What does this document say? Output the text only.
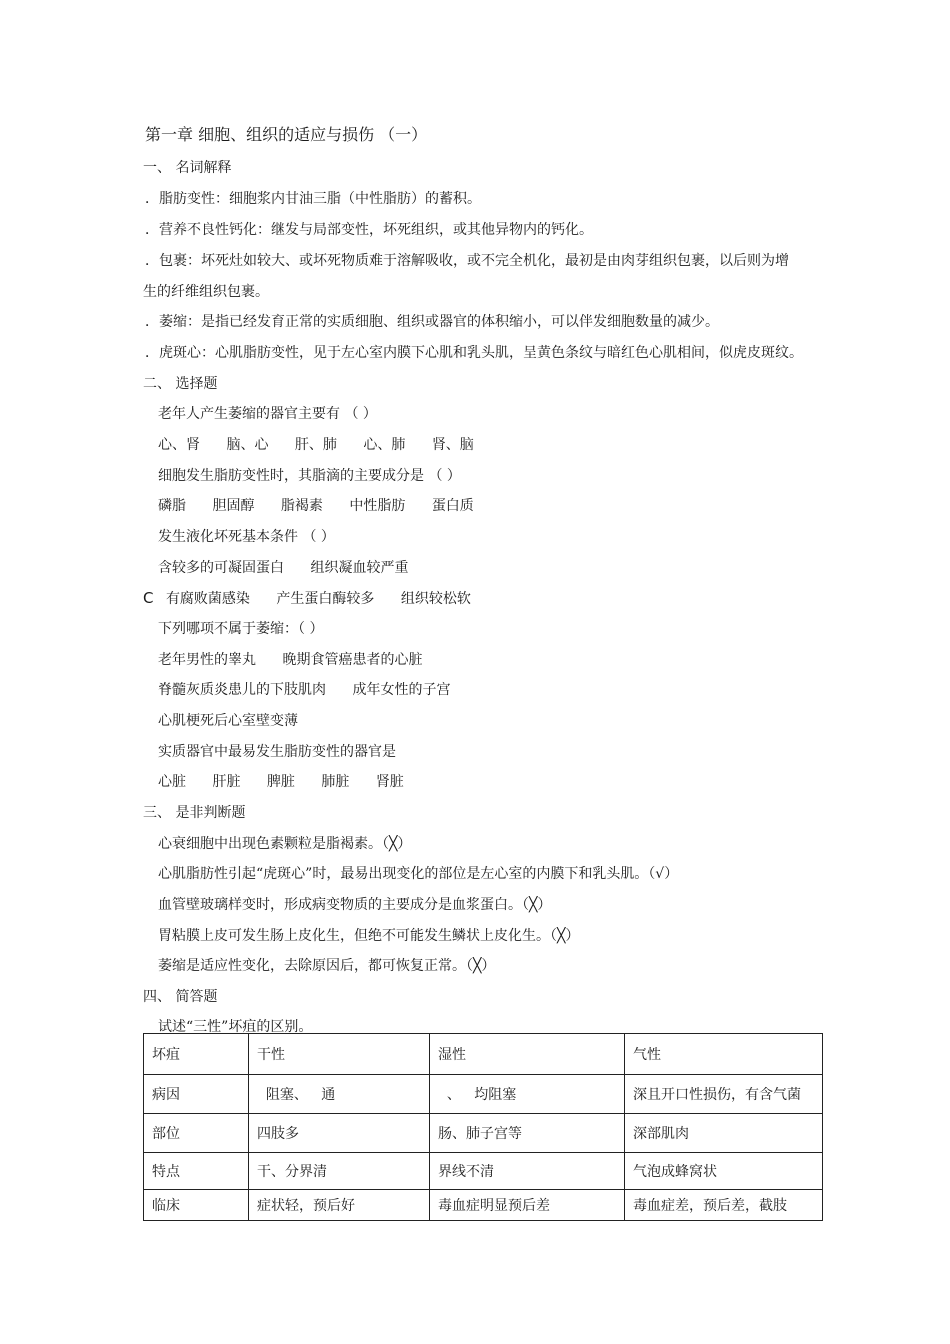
第一章 细胞、组织的适应与损伤 （一）
一、 名词解释
．脂肪变性：细胞浆内甘油三脂（中性脂肪）的蓄积。
．营养不良性钙化：继发与局部变性，坏死组织，或其他异物内的钙化。
．包裹：坏死灶如较大、或坏死物质难于溶解吸收，或不完全机化，最初是由肉芽组织包裹，以后则为增
生的纤维组织包裹。
．萎缩：是指已经发育正常的实质细胞、组织或器官的体积缩小，可以伴发细胞数量的减少。
．虎斑心：心肌脂肪变性，见于左心室内膜下心肌和乳头肌，呈黄色条纹与暗红色心肌相间，似虎皮斑纹。
二、 选择题
老年人产生萎缩的器官主要有 （ ）
心、肾 脑、心 肝、肺 心、肺 肾、脑
细胞发生脂肪变性时，其脂滴的主要成分是 （ ）
磷脂 胆固醇 脂褐素 中性脂肪 蛋白质
发生液化坏死基本条件 （ ）
含较多的可凝固蛋白 组织凝血较严重
C 有腐败菌感染 产生蛋白酶较多 组织较松软
下列哪项不属于萎缩：（ ）
老年男性的睾丸 晚期食管癌患者的心脏
脊髓灰质炎患儿的下肢肌肉 成年女性的子宫
心肌梗死后心室壁变薄
实质器官中最易发生脂肪变性的器官是
心脏 肝脏 脾脏 肺脏 肾脏
三、 是非判断题
心衰细胞中出现色素颗粒是脂褐素。（╳）
心肌脂肪性引起“虎斑心”时，最易出现变化的部位是左心室的内膜下和乳头肌。（√）
血管壁玻璃样变时，形成病变物质的主要成分是血浆蛋白。（╳）
胃粘膜上皮可发生肠上皮化生，但绝不可能发生鳞状上皮化生。（╳）
萎缩是适应性变化，去除原因后，都可恢复正常。（╳）
四、 简答题
试述“三性”坏疽的区别。
坏疽	干性	湿性	气性
病因	阻塞、   通	、   均阻塞	深且开口性损伤，有含气菌
部位	四肢多	肠、肺子宫等	深部肌肉
特点	干、分界清	界线不清	气泡成蜂窝状
临床	症状轻，预后好	毒血症明显预后差	毒血症差，预后差，截肢
